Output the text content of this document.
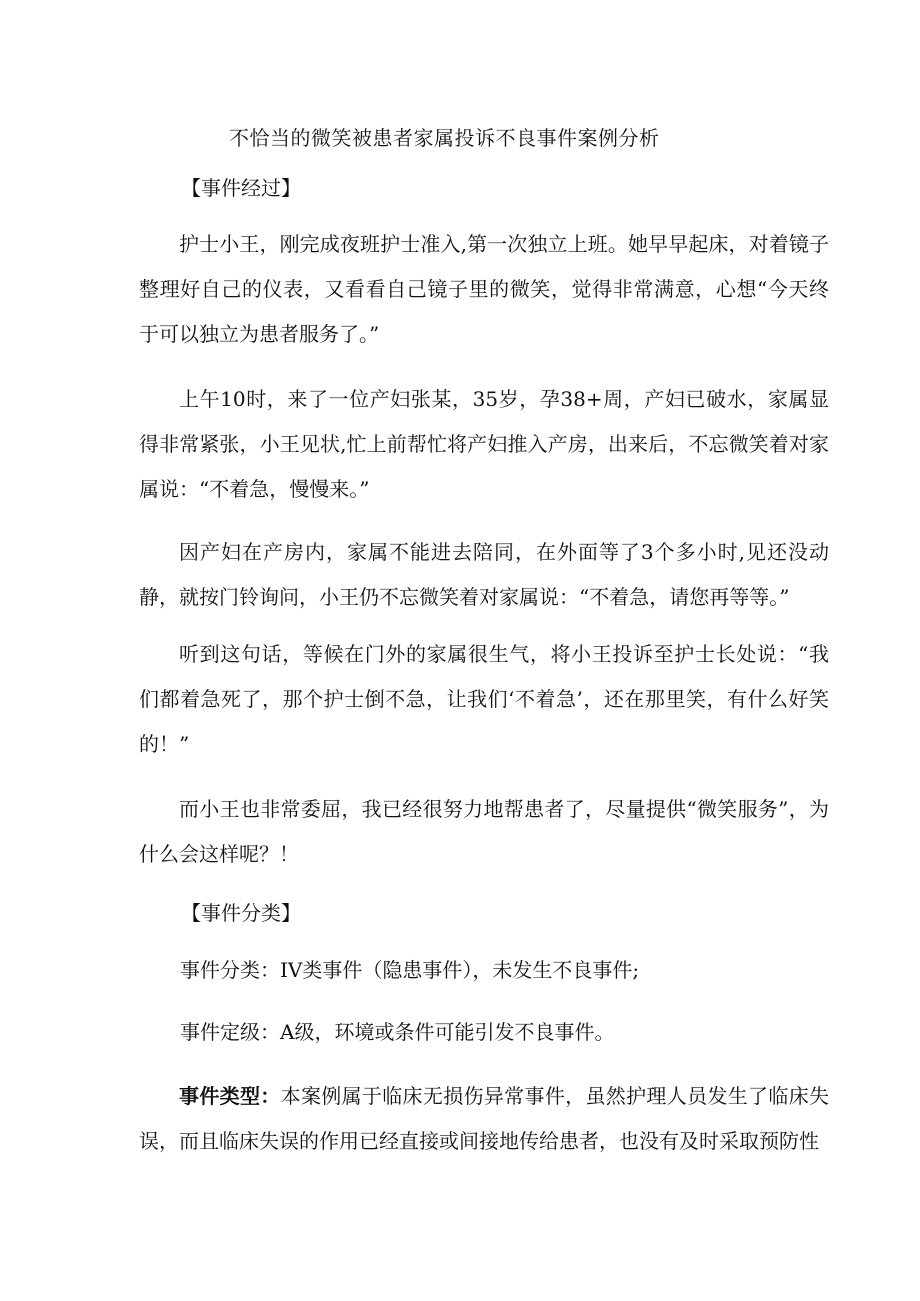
不恰当的微笑被患者家属投诉不良事件案例分析
【事件经过】

护士小王，刚完成夜班护士准入,第一次独立上班。她早早起床，对着镜子整理好自己的仪表，又看看自己镜子里的微笑，觉得非常满意，心想“今天终于可以独立为患者服务了。”

上午10时，来了一位产妇张某，35岁，孕38+周，产妇已破水，家属显得非常紧张，小王见状,忙上前帮忙将产妇推入产房，出来后，不忘微笑着对家属说：“不着急，慢慢来。”

因产妇在产房内，家属不能进去陪同，在外面等了3个多小时,见还没动静，就按门铃询问，小王仍不忘微笑着对家属说：“不着急，请您再等等。”

听到这句话，等候在门外的家属很生气，将小王投诉至护士长处说：“我们都着急死了，那个护士倒不急，让我们‘不着急’，还在那里笑，有什么好笑的！”

而小王也非常委屈，我已经很努力地帮患者了，尽量提供“微笑服务”，为什么会这样呢？！

【事件分类】
事件分类：IV类事件（隐患事件），未发生不良事件;
事件定级：A级，环境或条件可能引发不良事件。

事件类型：本案例属于临床无损伤异常事件，虽然护理人员发生了临床失误，而且临床失误的作用已经直接或间接地传给患者，也没有及时采取预防性
